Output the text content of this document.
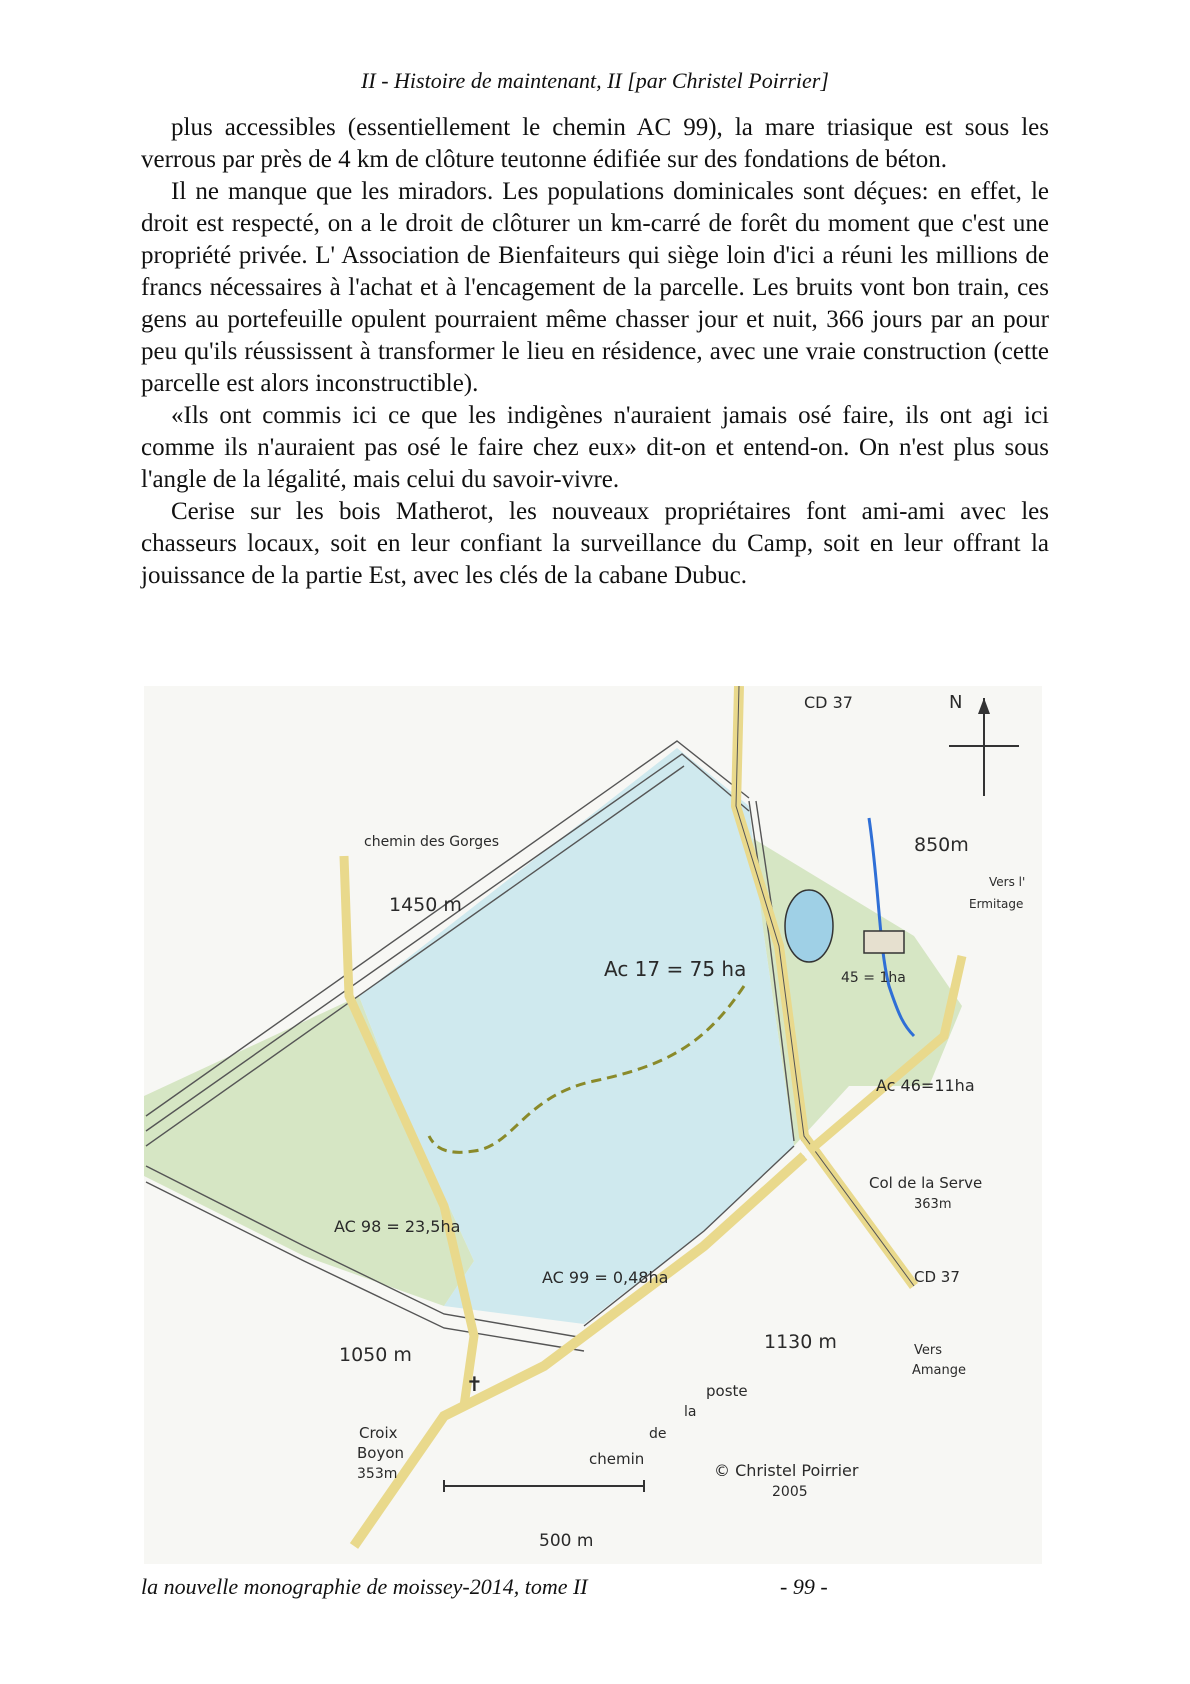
II - Histoire de maintenant, II [par Christel Poirrier]

plus accessibles (essentiellement le chemin AC 99), la mare triasique est sous les verrous par près de 4 km de clôture teutonne édifiée sur des fondations de béton.

Il ne manque que les miradors. Les populations dominicales sont déçues: en effet, le droit est respecté, on a le droit de clôturer un km-carré de forêt du moment que c'est une propriété privée. L' Association de Bienfaiteurs qui siège loin d'ici a réuni les millions de francs nécessaires à l'achat et à l'encagement de la parcelle. Les bruits vont bon train, ces gens au portefeuille opulent pourraient même chasser jour et nuit, 366 jours par an pour peu qu'ils réussissent à transformer le lieu en résidence, avec une vraie construction (cette parcelle est alors inconstructible).

«Ils ont commis ici ce que les indigènes n'auraient jamais osé faire, ils ont agi ici comme ils n'auraient pas osé le faire chez eux» dit-on et entend-on. On n'est plus sous l'angle de la légalité, mais celui du savoir-vivre.

Cerise sur les bois Matherot, les nouveaux propriétaires font ami-ami avec les chasseurs locaux, soit en leur confiant la surveillance du Camp, soit en leur offrant la jouissance de la partie Est, avec les clés de la cabane Dubuc.

✝
CD 37	N
chemin des Gorges
1450 m
850m
Vers l'
Ermitage
Ac 17 = 75 ha	45 = 1ha
Ac 46=11ha
Col de la Serve
363m
AC 98 = 23,5ha
AC 99 = 0,48ha	CD 37
1130 m
1050 m	Vers
Amange
poste
la
de
chemin
Croix
Boyon
353m	© Christel Poirrier
2005
500 m
la nouvelle monographie de moissey-2014, tome II	- 99 -
